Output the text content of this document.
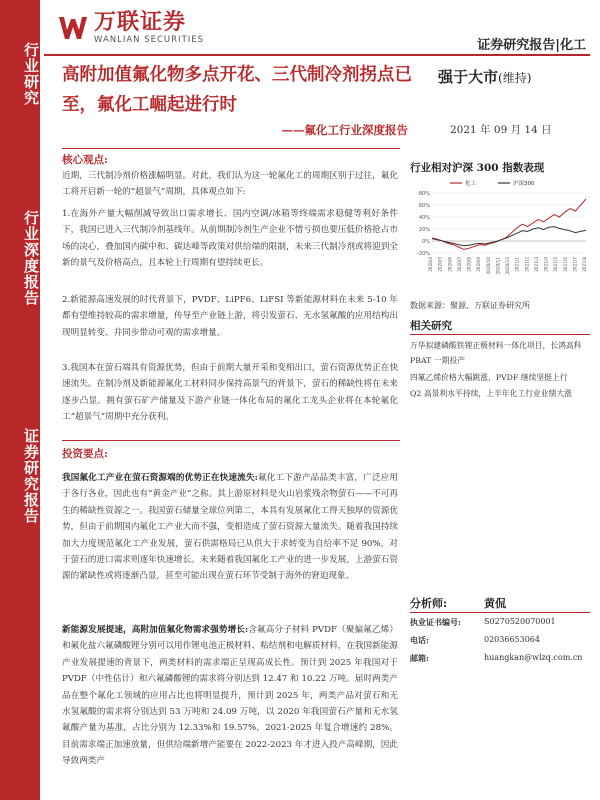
行业研究
行业深度报告
证券研究报告
万联证券
WANLIAN SECURITIES	证券研究报告|化工
高附加值氟化物多点开花、三代制冷剂拐点已至，氟化工崛起进行时
——氟化工行业深度报告
强于大市(维持)
2021 年 09 月 14 日
核心观点:

近期，三代制冷剂价格涨幅明显。对此，我们认为这一轮氟化工的周期区别于过往，氟化工将开启新一轮的“超景气”周期，具体观点如下:

1.在海外产量大幅削减导致出口需求增长、国内空调/冰箱等终端需求稳健等利好条件下，我国已进入三代制冷剂基线年。从前期制冷剂生产企业不惜亏损也要压低价格抢占市场的决心，叠加国内碳中和、碳达峰等政策对供给端的限制，未来三代制冷剂或将迎到全新的景气及价格高点，且本轮上行周期有望持续更长。

2.新能源高速发展的时代背景下，PVDF、LiPF6、LiFSI 等新能源材料在未来 5-10 年都有望维持较高的需求增量，传导至产业链上游，将引发萤石、无水氢氟酸的应用结构出现明显转变、并同步带动可观的需求增量。

3.我国本在萤石端具有资源优势，但由于前期大量开采和变相出口，萤石资源优势正在快速流失。在制冷剂及新能源氟化工材料同步保持高景气的背景下，萤石的稀缺性将在未来逐步凸显。拥有萤石矿产储量及下游产业链一体化布局的氟化工龙头企业将在本轮氟化工“超景气”周期中充分获利。

投资要点:

我国氟化工产业在萤石资源端的优势正在快速流失:氟化工下游产品品类丰富，广泛应用于各行各业，因此也有“黄金产业”之称。其上游原材料是火山岩浆残余物萤石——不可再生的稀缺性资源之一。我国萤石储量全球位列第二，本具有发展氟化工得天独厚的资源优势，但由于前期国内氟化工产业大而不强，变相造成了萤石资源大量流失。随着我国持续加大力度规范氟化工产业发展，萤石供需格局已从供大于求转变为自给率不足 90%，对于萤石的进口需求则逐年快速增长。未来随着我国氟化工产业的进一步发展，上游萤石资源的紧缺性或将逐渐凸显，甚至可能出现在萤石环节受制于海外的窘迫现象。

新能源发展提速，高附加值氟化物需求强势增长:含氟高分子材料 PVDF（聚偏氟乙烯）和氟化盐六氟磷酸锂分别可以用作锂电池正极材料、粘结剂和电解质材料，在我国新能源产业发展提速的背景下，两类材料的需求端正呈现高成长性。预计到 2025 年我国对于 PVDF（中性估计）和六氟磷酸锂的需求将分别达到 12.47 和 10.22 万吨。届时两类产品在整个氟化工领域的应用占比也将明显提升，预计到 2025 年，两类产品对萤石和无水氢氟酸的需求将分别达到 53 万吨和 24.09 万吨，以 2020 年我国萤石产量和无水氢氟酸产量为基准，占比分别为 12.33%和 19.57%，2021-2025 年复合增速约 28%。目前需求端正加速放量，但供给端新增产能要在 2022-2023 年才进入投产高峰期，因此导致两类产

行业相对沪深 300 指数表现
-20%
0%
20%
40%
60%
80%
2020/4 2020/5 2020/6 2020/7 2020/8 2020/9 2020/10 2020/11 2020/12 2021/1 2021/2 2021/3 2021/4 2021/5 2021/6 2021/7 2021/8
化工	沪深300
数据来源：聚源、万联证券研究所
相关研究
万华拟建磷酸铁锂正极材料一体化项目，长鸿高科 PBAT 一期投产
四氟乙烯价格大幅跳涨，PVDF 继续坚挺上行
Q2 高景利水平持续，上半年化工行业业绩大涨
分析师:	黄侃
执业证书编号:	S0270520070001
电话:	02036653064
邮箱:	huangkan@wlzq.com.cn
